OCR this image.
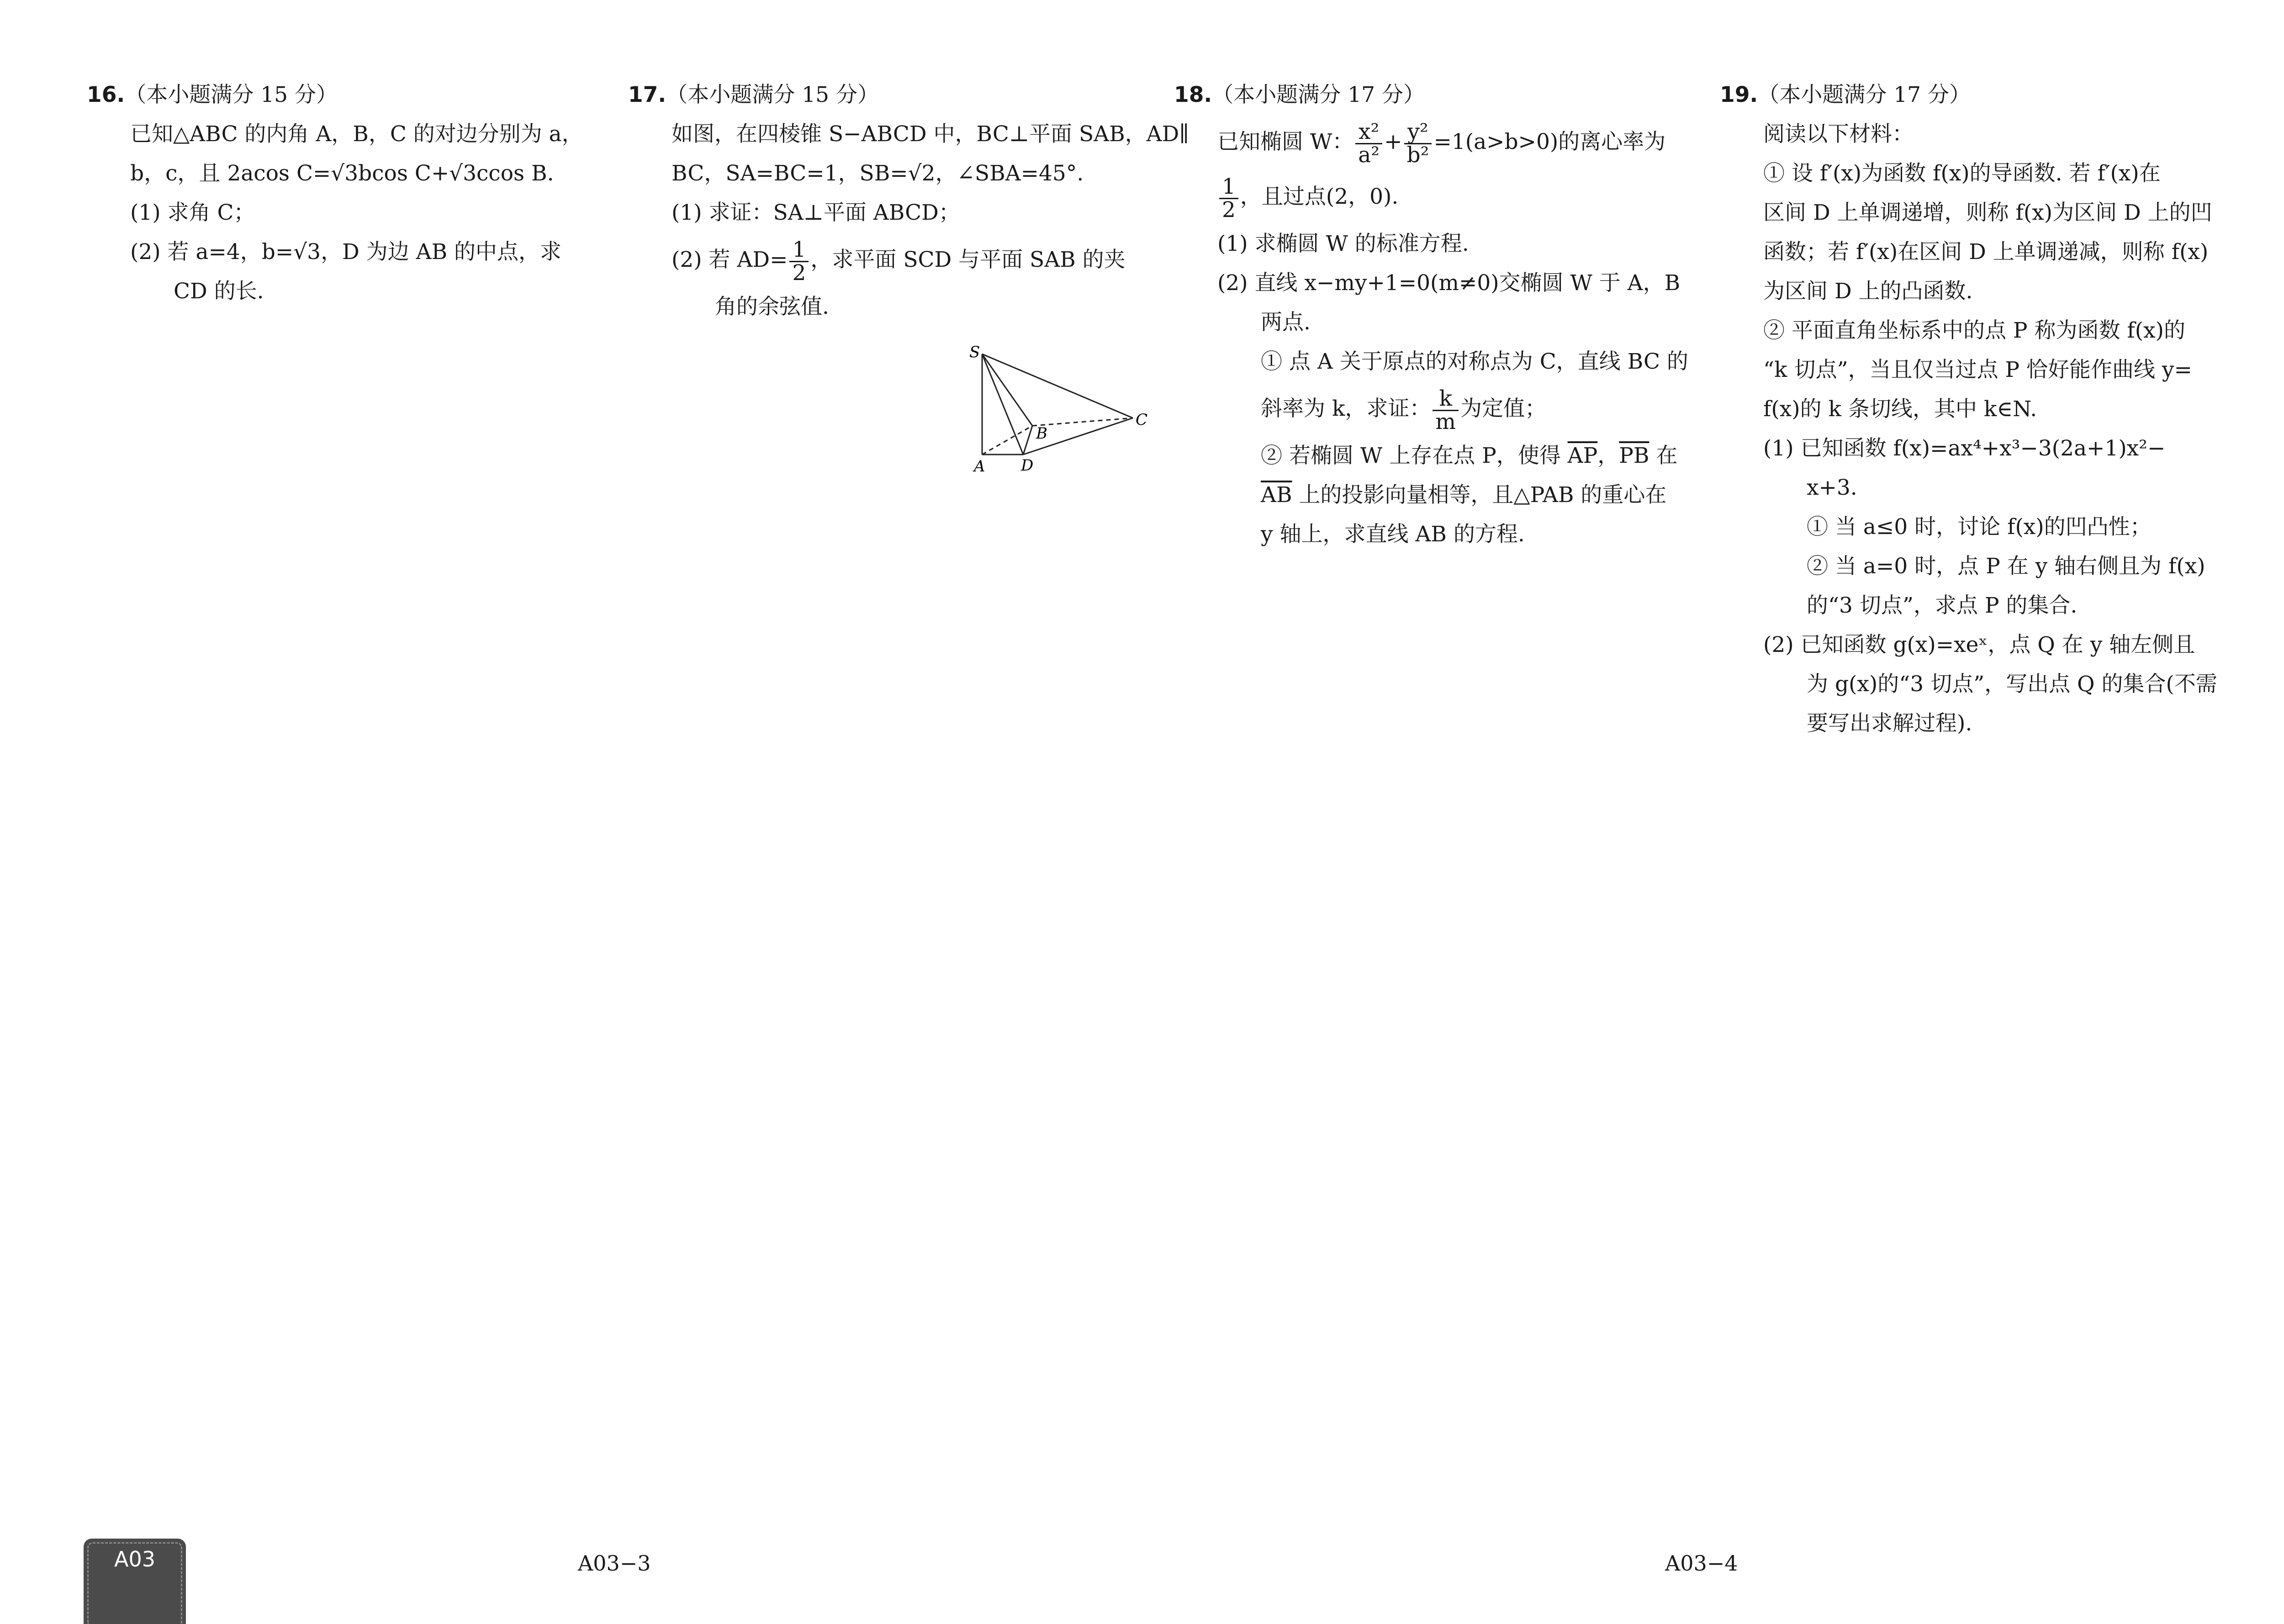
16.（本小题满分 15 分）

已知△ABC 的内角 A，B，C 的对边分别为 a，

b，c，且 2acos C=√3bcos C+√3ccos B.

(1) 求角 C；

(2) 若 a=4，b=√3，D 为边 AB 的中点，求

CD 的长.

17.（本小题满分 15 分）

如图，在四棱锥 S−ABCD 中，BC⊥平面 SAB，AD∥

BC，SA=BC=1，SB=√2，∠SBA=45°.

(1) 求证：SA⊥平面 ABCD；

(2) 若 $AD= \frac{1}{2}$ ，求平面 SCD 与平面 SAB 的夹

角的余弦值.

S
A
B
C
D

18.（本小题满分 17 分）

已知椭圆 W： $\frac{\text{x²}}{\text{a²}} + \frac{\text{y²}}{\text{b²}} =1(a>b>0)$的离心率为

$\frac{1}{2}$ ，且过点(2，0).

(1) 求椭圆 W 的标准方程.

(2) 直线 x−my+1=0(m≠0)交椭圆 W 于 A，B

两点.

① 点 A 关于原点的对称点为 C，直线 BC 的

斜率为 k，求证： $\frac{k}{m}$ 为定值；

② 若椭圆 W 上存在点 P，使得 $\overline{AP}$，$\overline{PB}$ 在

$\overline{AB}$ 上的投影向量相等，且△PAB 的重心在

y 轴上，求直线 AB 的方程.

19.（本小题满分 17 分）

阅读以下材料：

① 设 f′(x)为函数 f(x)的导函数. 若 f′(x)在

区间 D 上单调递增，则称 f(x)为区间 D 上的凹

函数；若 f′(x)在区间 D 上单调递减，则称 f(x)

为区间 D 上的凸函数.

② 平面直角坐标系中的点 P 称为函数 f(x)的

“k 切点”，当且仅当过点 P 恰好能作曲线 y=

f(x)的 k 条切线，其中 k∈N.

(1) 已知函数 f(x)=ax⁴+x³−3(2a+1)x²−

x+3.

① 当 a≤0 时，讨论 f(x)的凹凸性；

② 当 a=0 时，点 P 在 y 轴右侧且为 f(x)

的“3 切点”，求点 P 的集合.

(2) 已知函数 g(x)=xeˣ，点 Q 在 y 轴左侧且

为 g(x)的“3 切点”，写出点 Q 的集合(不需

要写出求解过程).

A03	A03−3	A03−4
